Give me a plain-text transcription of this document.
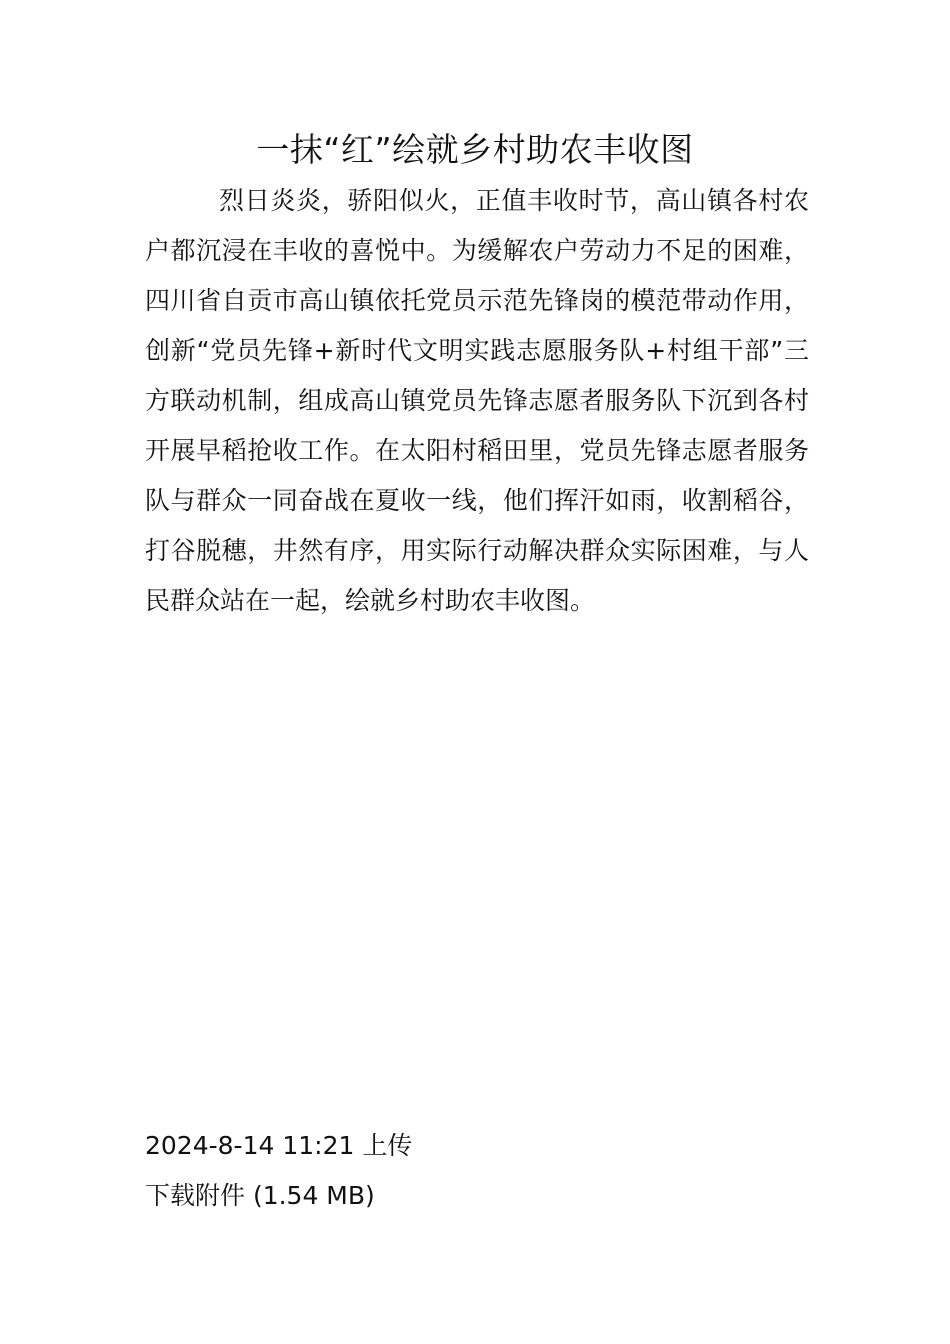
一抹“红”绘就乡村助农丰收图

烈日炎炎，骄阳似火，正值丰收时节，高山镇各村农户都沉浸在丰收的喜悦中。为缓解农户劳动力不足的困难，四川省自贡市高山镇依托党员示范先锋岗的模范带动作用，创新“党员先锋+新时代文明实践志愿服务队+村组干部”三方联动机制，组成高山镇党员先锋志愿者服务队下沉到各村开展早稻抢收工作。在太阳村稻田里，党员先锋志愿者服务队与群众一同奋战在夏收一线，他们挥汗如雨，收割稻谷，打谷脱穗，井然有序，用实际行动解决群众实际困难，与人民群众站在一起，绘就乡村助农丰收图。

2024-8-14 11:21 上传
下载附件 (1.54 MB)
